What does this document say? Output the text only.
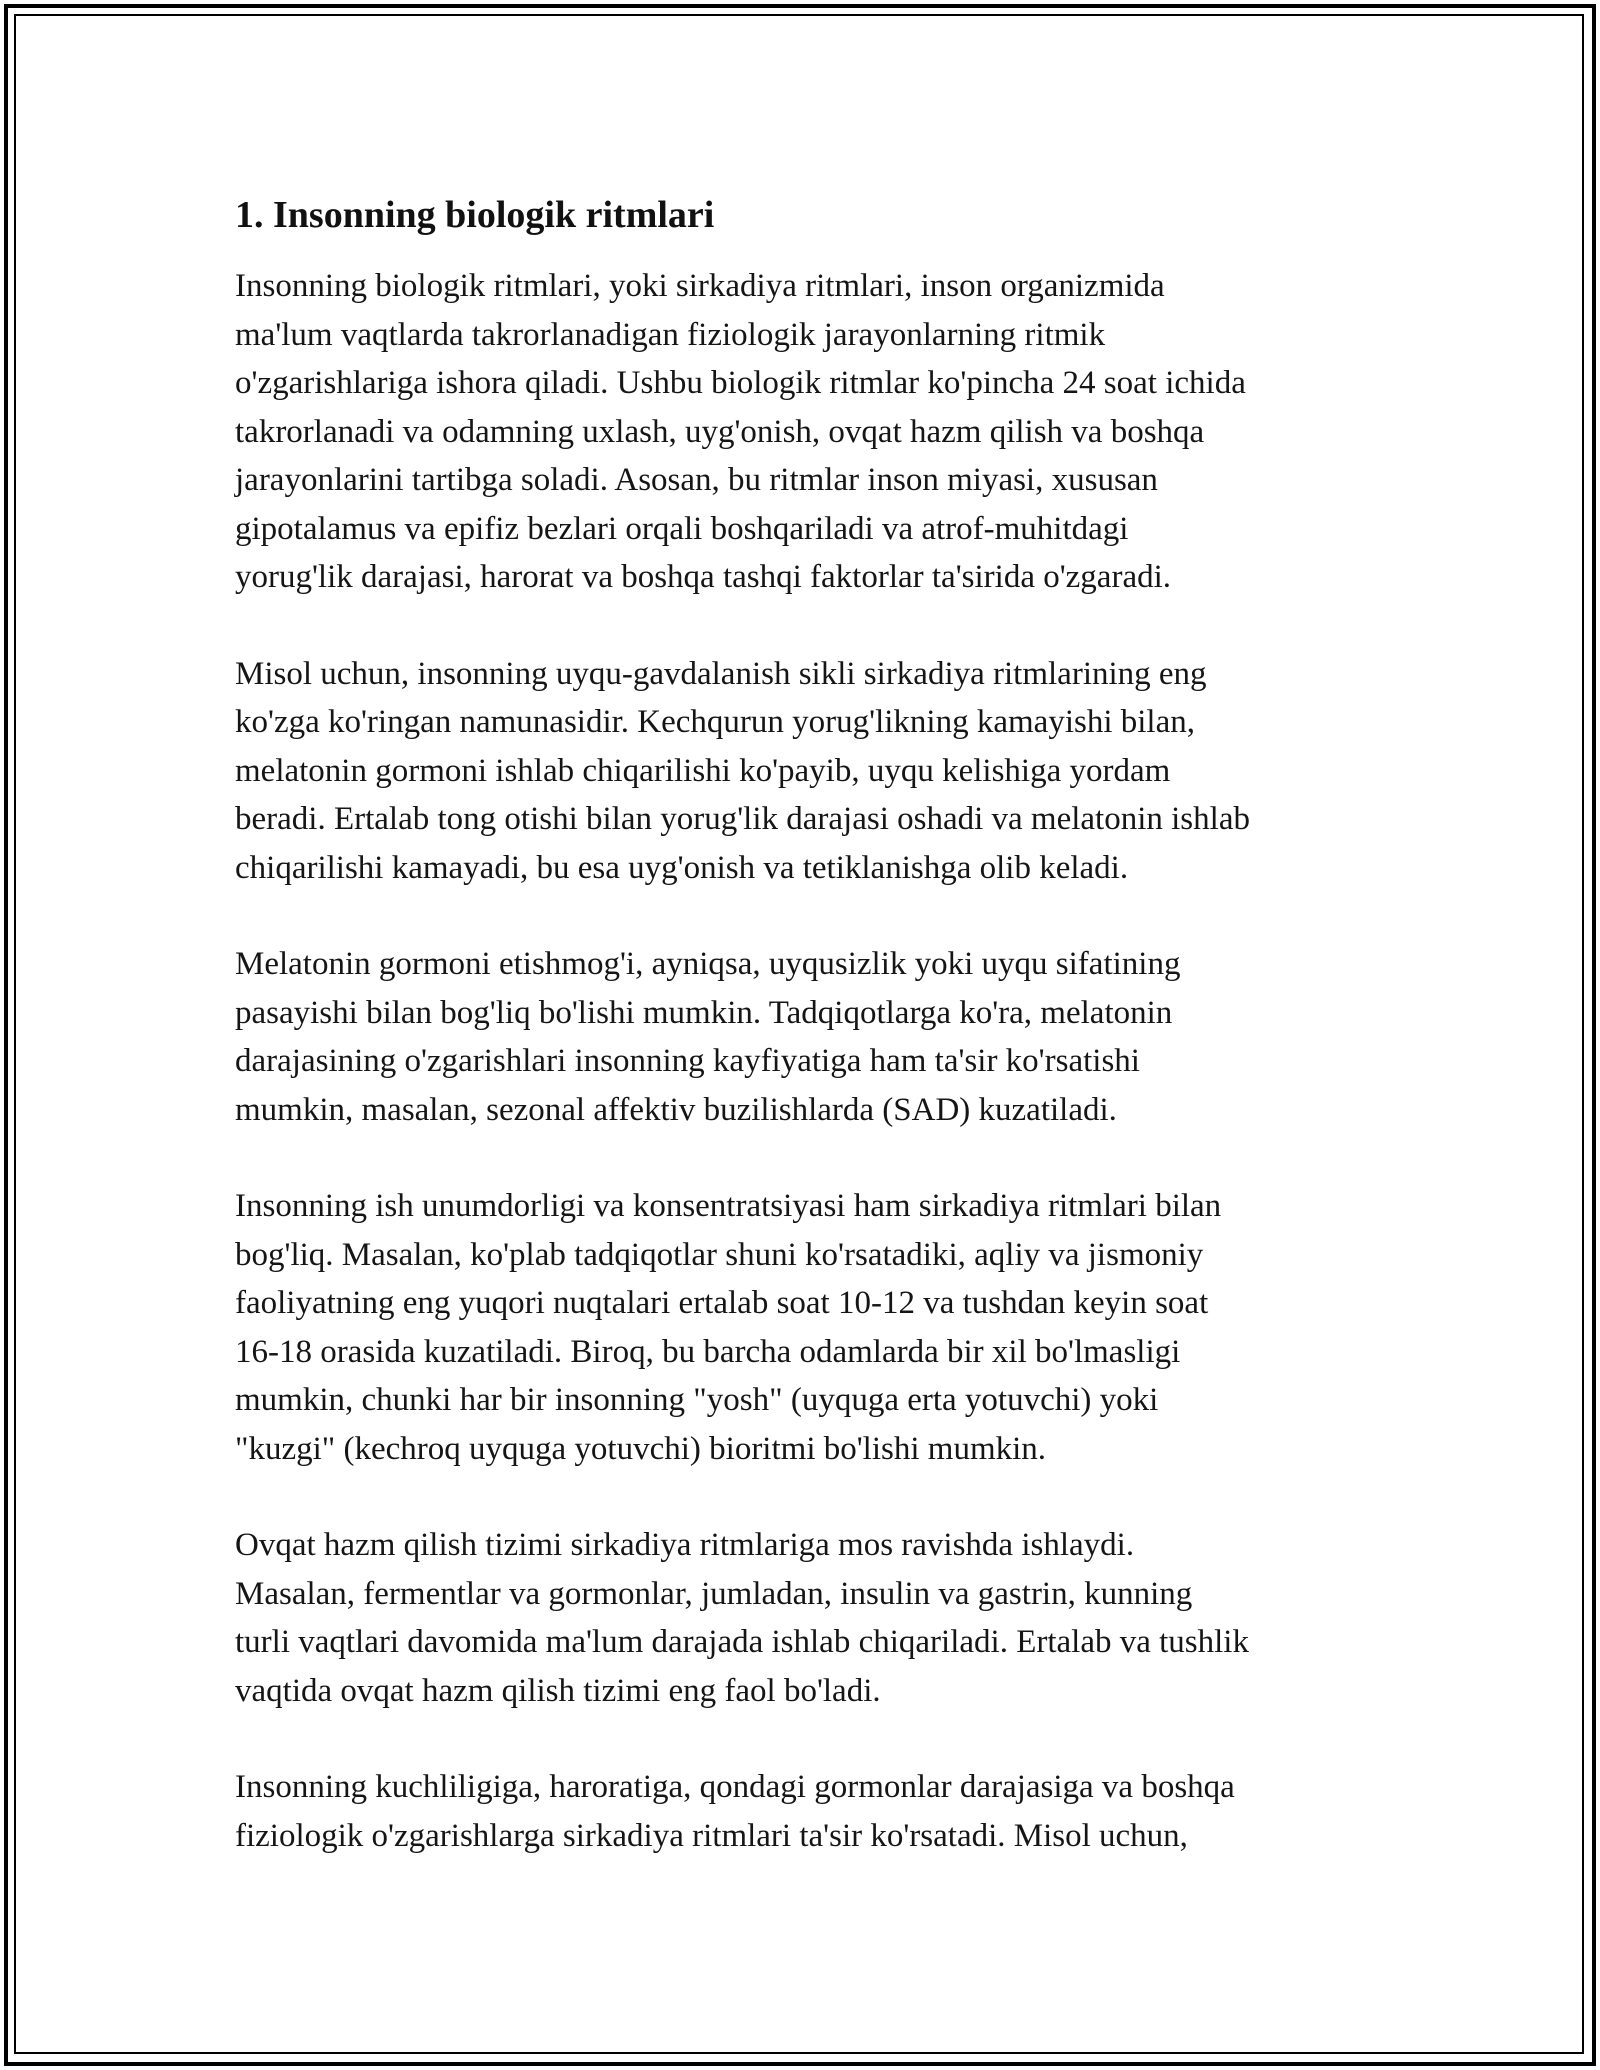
1. Insonning biologik ritmlari

Insonning biologik ritmlari, yoki sirkadiya ritmlari, inson organizmida
ma'lum vaqtlarda takrorlanadigan fiziologik jarayonlarning ritmik
o'zgarishlariga ishora qiladi. Ushbu biologik ritmlar ko'pincha 24 soat ichida
takrorlanadi va odamning uxlash, uyg'onish, ovqat hazm qilish va boshqa
jarayonlarini tartibga soladi. Asosan, bu ritmlar inson miyasi, xususan
gipotalamus va epifiz bezlari orqali boshqariladi va atrof-muhitdagi
yorug'lik darajasi, harorat va boshqa tashqi faktorlar ta'sirida o'zgaradi.

Misol uchun, insonning uyqu-gavdalanish sikli sirkadiya ritmlarining eng
ko'zga ko'ringan namunasidir. Kechqurun yorug'likning kamayishi bilan,
melatonin gormoni ishlab chiqarilishi ko'payib, uyqu kelishiga yordam
beradi. Ertalab tong otishi bilan yorug'lik darajasi oshadi va melatonin ishlab
chiqarilishi kamayadi, bu esa uyg'onish va tetiklanishga olib keladi.

Melatonin gormoni etishmog'i, ayniqsa, uyqusizlik yoki uyqu sifatining
pasayishi bilan bog'liq bo'lishi mumkin. Tadqiqotlarga ko'ra, melatonin
darajasining o'zgarishlari insonning kayfiyatiga ham ta'sir ko'rsatishi
mumkin, masalan, sezonal affektiv buzilishlarda (SAD) kuzatiladi.

Insonning ish unumdorligi va konsentratsiyasi ham sirkadiya ritmlari bilan
bog'liq. Masalan, ko'plab tadqiqotlar shuni ko'rsatadiki, aqliy va jismoniy
faoliyatning eng yuqori nuqtalari ertalab soat 10-12 va tushdan keyin soat
16-18 orasida kuzatiladi. Biroq, bu barcha odamlarda bir xil bo'lmasligi
mumkin, chunki har bir insonning "yosh" (uyquga erta yotuvchi) yoki
"kuzgi" (kechroq uyquga yotuvchi) bioritmi bo'lishi mumkin.

Ovqat hazm qilish tizimi sirkadiya ritmlariga mos ravishda ishlaydi.
Masalan, fermentlar va gormonlar, jumladan, insulin va gastrin, kunning
turli vaqtlari davomida ma'lum darajada ishlab chiqariladi. Ertalab va tushlik
vaqtida ovqat hazm qilish tizimi eng faol bo'ladi.

Insonning kuchliligiga, haroratiga, qondagi gormonlar darajasiga va boshqa
fiziologik o'zgarishlarga sirkadiya ritmlari ta'sir ko'rsatadi. Misol uchun,
